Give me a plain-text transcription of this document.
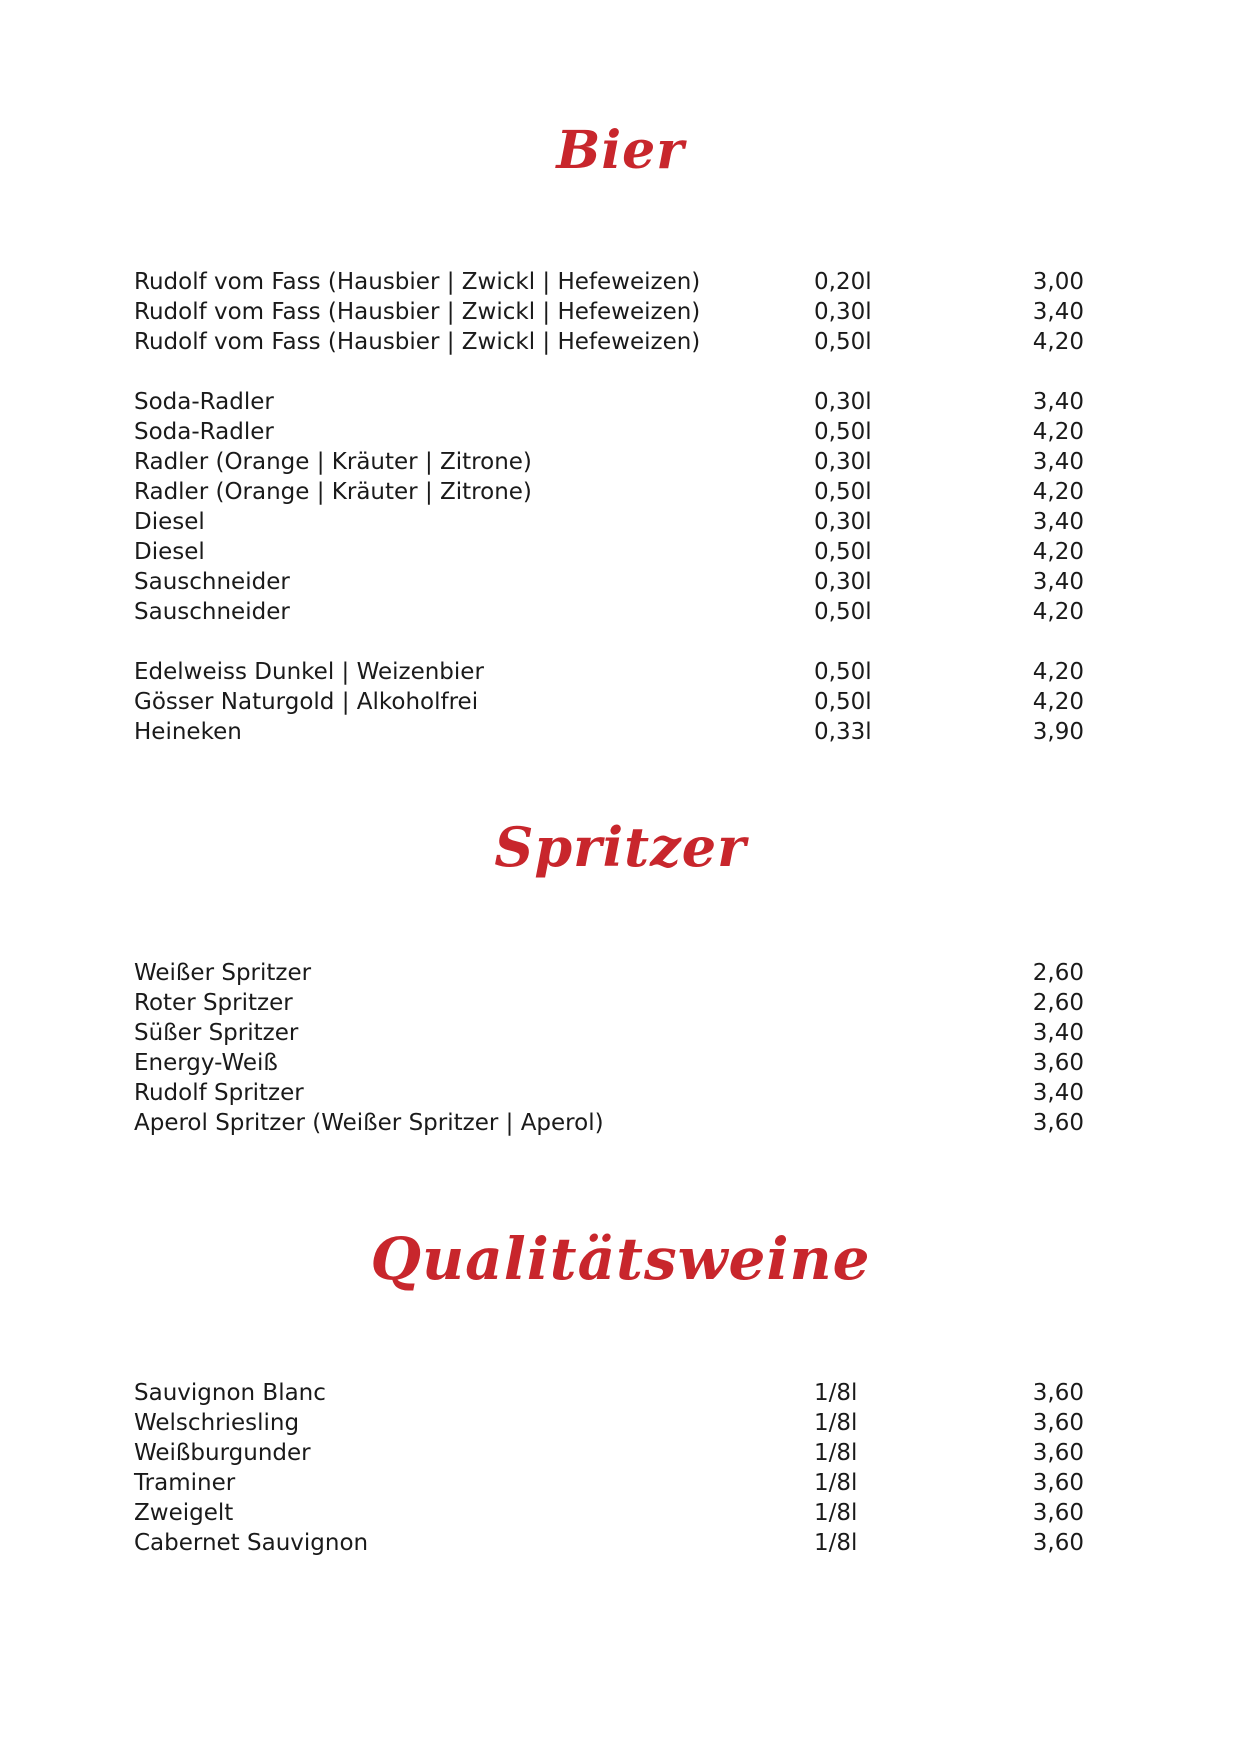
Bier
Rudolf vom Fass (Hausbier | Zwickl | Hefeweizen)	0,20l	3,00
Rudolf vom Fass (Hausbier | Zwickl | Hefeweizen)	0,30l	3,40
Rudolf vom Fass (Hausbier | Zwickl | Hefeweizen)	0,50l	4,20
Soda-Radler	0,30l	3,40
Soda-Radler	0,50l	4,20
Radler (Orange | Kräuter | Zitrone)	0,30l	3,40
Radler (Orange | Kräuter | Zitrone)	0,50l	4,20
Diesel	0,30l	3,40
Diesel	0,50l	4,20
Sauschneider	0,30l	3,40
Sauschneider	0,50l	4,20
Edelweiss Dunkel | Weizenbier	0,50l	4,20
Gösser Naturgold | Alkoholfrei	0,50l	4,20
Heineken	0,33l	3,90
Spritzer
Weißer Spritzer	2,60
Roter Spritzer	2,60
Süßer Spritzer	3,40
Energy-Weiß	3,60
Rudolf Spritzer	3,40
Aperol Spritzer (Weißer Spritzer | Aperol)	3,60
Qualitätsweine
Sauvignon Blanc	1/8l	3,60
Welschriesling	1/8l	3,60
Weißburgunder	1/8l	3,60
Traminer	1/8l	3,60
Zweigelt	1/8l	3,60
Cabernet Sauvignon	1/8l	3,60
